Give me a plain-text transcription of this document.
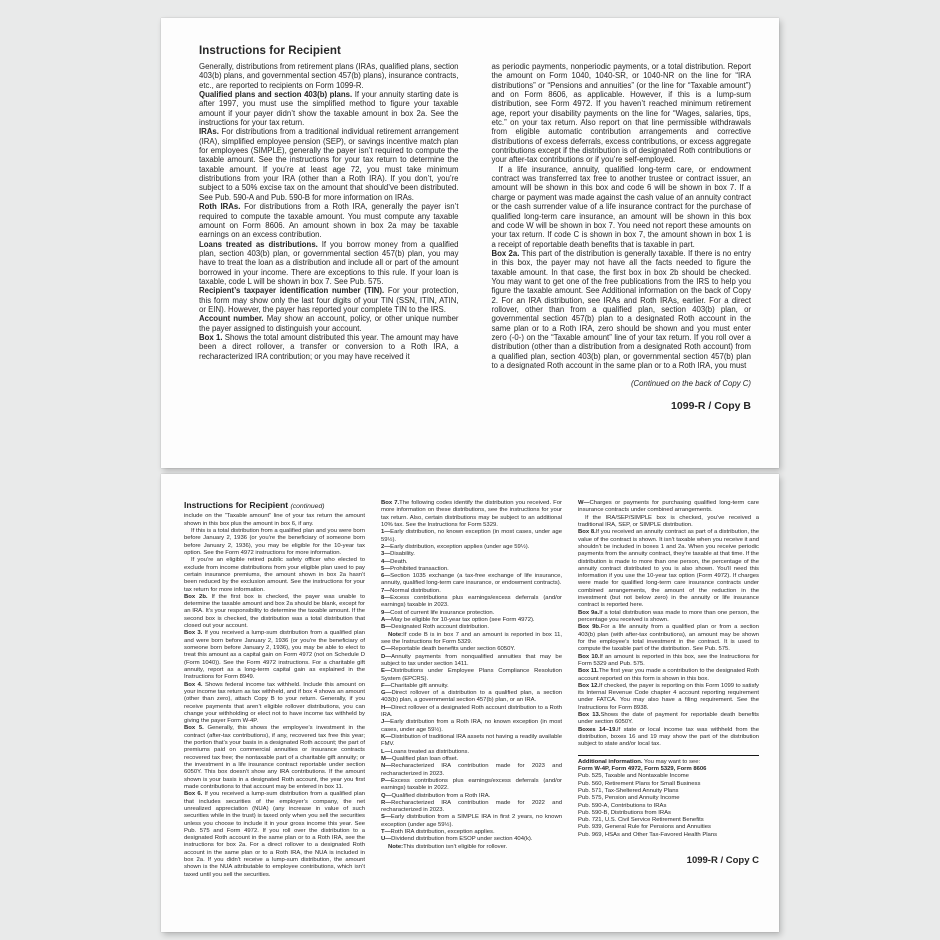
Instructions for Recipient

Generally, distributions from retirement plans (IRAs, qualified plans, section 403(b) plans, and governmental section 457(b) plans), insurance contracts, etc., are reported to recipients on Form 1099-R.

Qualified plans and section 403(b) plans. If your annuity starting date is after 1997, you must use the simplified method to figure your taxable amount if your payer didn’t show the taxable amount in box 2a. See the instructions for your tax return.

IRAs. For distributions from a traditional individual retirement arrangement (IRA), simplified employee pension (SEP), or savings incentive match plan for employees (SIMPLE), generally the payer isn’t required to compute the taxable amount. See the instructions for your tax return to determine the taxable amount. If you’re at least age 72, you must take minimum distributions from your IRA (other than a Roth IRA). If you don’t, you’re subject to a 50% excise tax on the amount that should’ve been distributed. See Pub. 590-A and Pub. 590-B for more information on IRAs.

Roth IRAs. For distributions from a Roth IRA, generally the payer isn’t required to compute the taxable amount. You must compute any taxable amount on Form 8606. An amount shown in box 2a may be taxable earnings on an excess contribution.

Loans treated as distributions. If you borrow money from a qualified plan, section 403(b) plan, or governmental section 457(b) plan, you may have to treat the loan as a distribution and include all or part of the amount borrowed in your income. There are exceptions to this rule. If your loan is taxable, code L will be shown in box 7. See Pub. 575.

Recipient’s taxpayer identification number (TIN). For your protection, this form may show only the last four digits of your TIN (SSN, ITIN, ATIN, or EIN). However, the payer has reported your complete TIN to the IRS.

Account number. May show an account, policy, or other unique number the payer assigned to distinguish your account.

Box 1. Shows the total amount distributed this year. The amount may have been a direct rollover, a transfer or conversion to a Roth IRA, a recharacterized IRA contribution; or you may have received it

as periodic payments, nonperiodic payments, or a total distribution. Report the amount on Form 1040, 1040-SR, or 1040-NR on the line for “IRA distributions” or “Pensions and annuities” (or the line for “Taxable amount”) and on Form 8606, as applicable. However, if this is a lump-sum distribution, see Form 4972. If you haven’t reached minimum retirement age, report your disability payments on the line for “Wages, salaries, tips, etc.” on your tax return. Also report on that line permissible withdrawals from eligible automatic contribution arrangements and corrective distributions of excess deferrals, excess contributions, or excess aggregate contributions except if the distribution is of designated Roth contributions or your after-tax contributions or if you’re self-employed.

If a life insurance, annuity, qualified long-term care, or endowment contract was transferred tax free to another trustee or contract issuer, an amount will be shown in this box and code 6 will be shown in box 7. If a charge or payment was made against the cash value of an annuity contract or the cash surrender value of a life insurance contract for the purchase of qualified long-term care insurance, an amount will be shown in this box and code W will be shown in box 7. You need not report these amounts on your tax return. If code C is shown in box 7, the amount shown in box 1 is a receipt of reportable death benefits that is taxable in part.

Box 2a. This part of the distribution is generally taxable. If there is no entry in this box, the payer may not have all the facts needed to figure the taxable amount. In that case, the first box in box 2b should be checked. You may want to get one of the free publications from the IRS to help you figure the taxable amount. See Additional information on the back of Copy 2. For an IRA distribution, see IRAs and Roth IRAs, earlier. For a direct rollover, other than from a qualified plan, section 403(b) plan, or governmental section 457(b) plan to a designated Roth account in the same plan or to a Roth IRA, zero should be shown and you must enter zero (-0-) on the “Taxable amount” line of your tax return. If you roll over a distribution (other than a distribution from a designated Roth account) from a qualified plan, section 403(b) plan, or governmental section 457(b) plan to a designated Roth account in the same plan or to a Roth IRA, you must

(Continued on the back of Copy C)

1099-R / Copy B

Instructions for Recipient (continued)

include on the “Taxable amount” line of your tax return the amount shown in this box plus the amount in box 6, if any.

If this is a total distribution from a qualified plan and you were born before January 2, 1936 (or you’re the beneficiary of someone born before January 2, 1936), you may be eligible for the 10-year tax option. See the Form 4972 instructions for more information.

If you’re an eligible retired public safety officer who elected to exclude from income distributions from your eligible plan used to pay certain insurance premiums, the amount shown in box 2a hasn’t been reduced by the exclusion amount. See the instructions for your tax return for more information.

Box 2b. If the first box is checked, the payer was unable to determine the taxable amount and box 2a should be blank, except for an IRA. It’s your responsibility to determine the taxable amount. If the second box is checked, the distribution was a total distribution that closed out your account.

Box 3. If you received a lump-sum distribution from a qualified plan and were born before January 2, 1936 (or you’re the beneficiary of someone born before January 2, 1936), you may be able to elect to treat this amount as a capital gain on Form 4972 (not on Schedule D (Form 1040)). See the Form 4972 instructions. For a charitable gift annuity, report as a long-term capital gain as explained in the Instructions for Form 8949.

Box 4. Shows federal income tax withheld. Include this amount on your income tax return as tax withheld, and if box 4 shows an amount (other than zero), attach Copy B to your return. Generally, if you receive payments that aren’t eligible rollover distributions, you can change your withholding or elect not to have income tax withheld by giving the payer Form W-4P.

Box 5. Generally, this shows the employee’s investment in the contract (after-tax contributions), if any, recovered tax free this year; the portion that’s your basis in a designated Roth account; the part of premiums paid on commercial annuities or insurance contracts recovered tax free; the nontaxable part of a charitable gift annuity; or the investment in a life insurance contract reportable under section 6050Y. This box doesn’t show any IRA contributions. If the amount shown is your basis in a designated Roth account, the year you first made contributions to that account may be entered in box 11.

Box 6. If you received a lump-sum distribution from a qualified plan that includes securities of the employer’s company, the net unrealized appreciation (NUA) (any increase in value of such securities while in the trust) is taxed only when you sell the securities unless you choose to include it in your gross income this year. See Pub. 575 and Form 4972. If you roll over the distribution to a designated Roth account in the same plan or to a Roth IRA, see the instructions for box 2a. For a direct rollover to a designated Roth account in the same plan or to a Roth IRA, the NUA is included in box 2a. If you didn’t receive a lump-sum distribution, the amount shown is the NUA attributable to employee contributions, which isn’t taxed until you sell the securities.

Box 7.The following codes identify the distribution you received. For more information on these distributions, see the instructions for your tax return. Also, certain distributions may be subject to an additional 10% tax. See the Instructions for Form 5329.

1—Early distribution, no known exception (in most cases, under age 59½).

2—Early distribution, exception applies (under age 59½).

3—Disability.

4—Death.

5—Prohibited transaction.

6—Section 1035 exchange (a tax-free exchange of life insurance, annuity, qualified long-term care insurance, or endowment contracts).

7—Normal distribution.

8—Excess contributions plus earnings/excess deferrals (and/or earnings) taxable in 2023.

9—Cost of current life insurance protection.

A—May be eligible for 10-year tax option (see Form 4972).

B—Designated Roth account distribution.

Note:If code B is in box 7 and an amount is reported in box 11, see the Instructions for Form 5329.

C—Reportable death benefits under section 6050Y.

D—Annuity payments from nonqualified annuities that may be subject to tax under section 1411.

E—Distributions under Employee Plans Compliance Resolution System (EPCRS).

F—Charitable gift annuity.

G—Direct rollover of a distribution to a qualified plan, a section 403(b) plan, a governmental section 457(b) plan, or an IRA.

H—Direct rollover of a designated Roth account distribution to a Roth IRA.

J—Early distribution from a Roth IRA, no known exception (in most cases, under age 59½).

K—Distribution of traditional IRA assets not having a readily available FMV.

L—Loans treated as distributions.

M—Qualified plan loan offset.

N—Recharacterized IRA contribution made for 2023 and recharacterized in 2023.

P—Excess contributions plus earnings/excess deferrals (and/or earnings) taxable in 2022.

Q—Qualified distribution from a Roth IRA.

R—Recharacterized IRA contribution made for 2022 and recharacterized in 2023.

S—Early distribution from a SIMPLE IRA in first 2 years, no known exception (under age 59½).

T—Roth IRA distribution, exception applies.

U—Dividend distribution from ESOP under section 404(k).

Note:This distribution isn’t eligible for rollover.

W—Charges or payments for purchasing qualified long-term care insurance contracts under combined arrangements.

If the IRA/SEP/SIMPLE box is checked, you’ve received a traditional IRA, SEP, or SIMPLE distribution.

Box 8.If you received an annuity contract as part of a distribution, the value of the contract is shown. It isn’t taxable when you receive it and shouldn’t be included in boxes 1 and 2a. When you receive periodic payments from the annuity contract, they’re taxable at that time. If the distribution is made to more than one person, the percentage of the annuity contract distributed to you is also shown. You’ll need this information if you use the 10-year tax option (Form 4972). If charges were made for qualified long-term care insurance contracts under combined arrangements, the amount of the reduction in the investment (but not below zero) in the annuity or life insurance contract is reported here.

Box 9a.If a total distribution was made to more than one person, the percentage you received is shown.

Box 9b.For a life annuity from a qualified plan or from a section 403(b) plan (with after-tax contributions), an amount may be shown for the employee’s total investment in the contract. It is used to compute the taxable part of the distribution. See Pub. 575.

Box 10.If an amount is reported in this box, see the Instructions for Form 5329 and Pub. 575.

Box 11.The first year you made a contribution to the designated Roth account reported on this form is shown in this box.

Box 12.If checked, the payer is reporting on this Form 1099 to satisfy its Internal Revenue Code chapter 4 account reporting requirement under FATCA. You may also have a filing requirement. See the Instructions for Form 8938.

Box 13.Shows the date of payment for reportable death benefits under section 6050Y.

Boxes 14–19.If state or local income tax was withheld from the distribution, boxes 16 and 19 may show the part of the distribution subject to state and/or local tax.

Additional information. You may want to see:

Form W-4P, Form 4972, Form 5329, Form 8606

Pub. 525, Taxable and Nontaxable Income

Pub. 560, Retirement Plans for Small Business

Pub. 571, Tax-Sheltered Annuity Plans

Pub. 575, Pension and Annuity Income

Pub. 590-A, Contributions to IRAs

Pub. 590-B, Distributions from IRAs

Pub. 721, U.S. Civil Service Retirement Benefits

Pub. 939, General Rule for Pensions and Annuities

Pub. 969, HSAs and Other Tax-Favored Health Plans

1099-R / Copy C
